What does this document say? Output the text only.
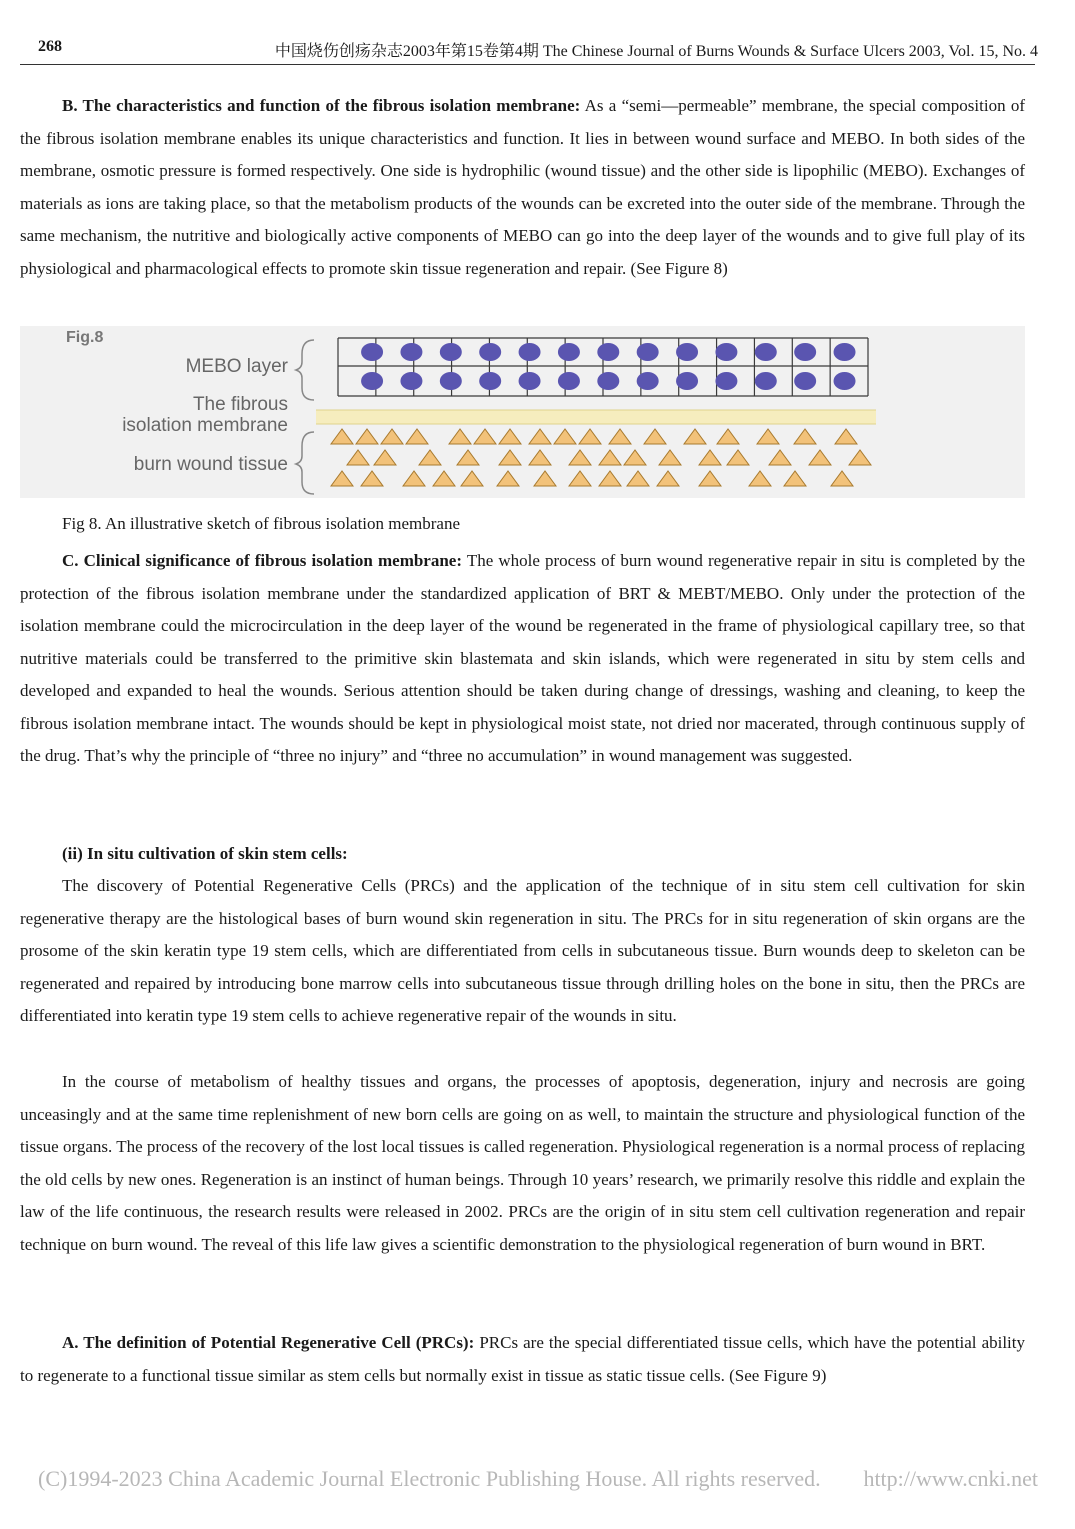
268	中国烧伤创疡杂志2003年第15卷第4期 The Chinese Journal of Burns Wounds & Surface Ulcers 2003, Vol. 15, No. 4

B. The characteristics and function of the fibrous isolation membrane: As a “semi—permeable” membrane, the special composition of the fibrous isolation membrane enables its unique characteristics and function. It lies in between wound surface and MEBO. In both sides of the membrane, osmotic pressure is formed respectively. One side is hydrophilic (wound tissue) and the other side is lipophilic (MEBO). Exchanges of materials as ions are taking place, so that the metabolism products of the wounds can be excreted into the outer side of the membrane. Through the same mechanism, the nutritive and biologically active components of MEBO can go into the deep layer of the wounds and to give full play of its physiological and pharmacological effects to promote skin tissue regeneration and repair. (See Figure 8)

Fig.8
MEBO layer
The fibrous
isolation membrane
burn wound tissue
Fig 8. An illustrative sketch of fibrous isolation membrane

C. Clinical significance of fibrous isolation membrane: The whole process of burn wound regenerative repair in situ is completed by the protection of the fibrous isolation membrane under the standardized application of BRT & MEBT/MEBO. Only under the protection of the isolation membrane could the microcirculation in the deep layer of the wound be regenerated in the frame of physiological capillary tree, so that nutritive materials could be transferred to the primitive skin blastemata and skin islands, which were regenerated in situ by stem cells and developed and expanded to heal the wounds. Serious attention should be taken during change of dressings, washing and cleaning, to keep the fibrous isolation membrane intact. The wounds should be kept in physiological moist state, not dried nor macerated, through continuous supply of the drug. That’s why the principle of “three no injury” and “three no accumulation” in wound management was suggested.

(ii) In situ cultivation of skin stem cells:

The discovery of Potential Regenerative Cells (PRCs) and the application of the technique of in situ stem cell cultivation for skin regenerative therapy are the histological bases of burn wound skin regeneration in situ. The PRCs for in situ regeneration of skin organs are the prosome of the skin keratin type 19 stem cells, which are differentiated from cells in subcutaneous tissue. Burn wounds deep to skeleton can be regenerated and repaired by introducing bone marrow cells into subcutaneous tissue through drilling holes on the bone in situ, then the PRCs are differentiated into keratin type 19 stem cells to achieve regenerative repair of the wounds in situ.

In the course of metabolism of healthy tissues and organs, the processes of apoptosis, degeneration, injury and necrosis are going unceasingly and at the same time replenishment of new born cells are going on as well, to maintain the structure and physiological function of the tissue organs. The process of the recovery of the lost local tissues is called regeneration. Physiological regeneration is a normal process of replacing the old cells by new ones. Regeneration is an instinct of human beings. Through 10 years’ research, we primarily resolve this riddle and explain the law of the life continuous, the research results were released in 2002. PRCs are the origin of in situ stem cell cultivation regeneration and repair technique on burn wound. The reveal of this life law gives a scientific demonstration to the physiological regeneration of burn wound in BRT.

A. The definition of Potential Regenerative Cell (PRCs): PRCs are the special differentiated tissue cells, which have the potential ability to regenerate to a functional tissue similar as stem cells but normally exist in tissue as static tissue cells. (See Figure 9)

(C)1994-2023 China Academic Journal Electronic Publishing House. All rights reserved. http://www.cnki.net
